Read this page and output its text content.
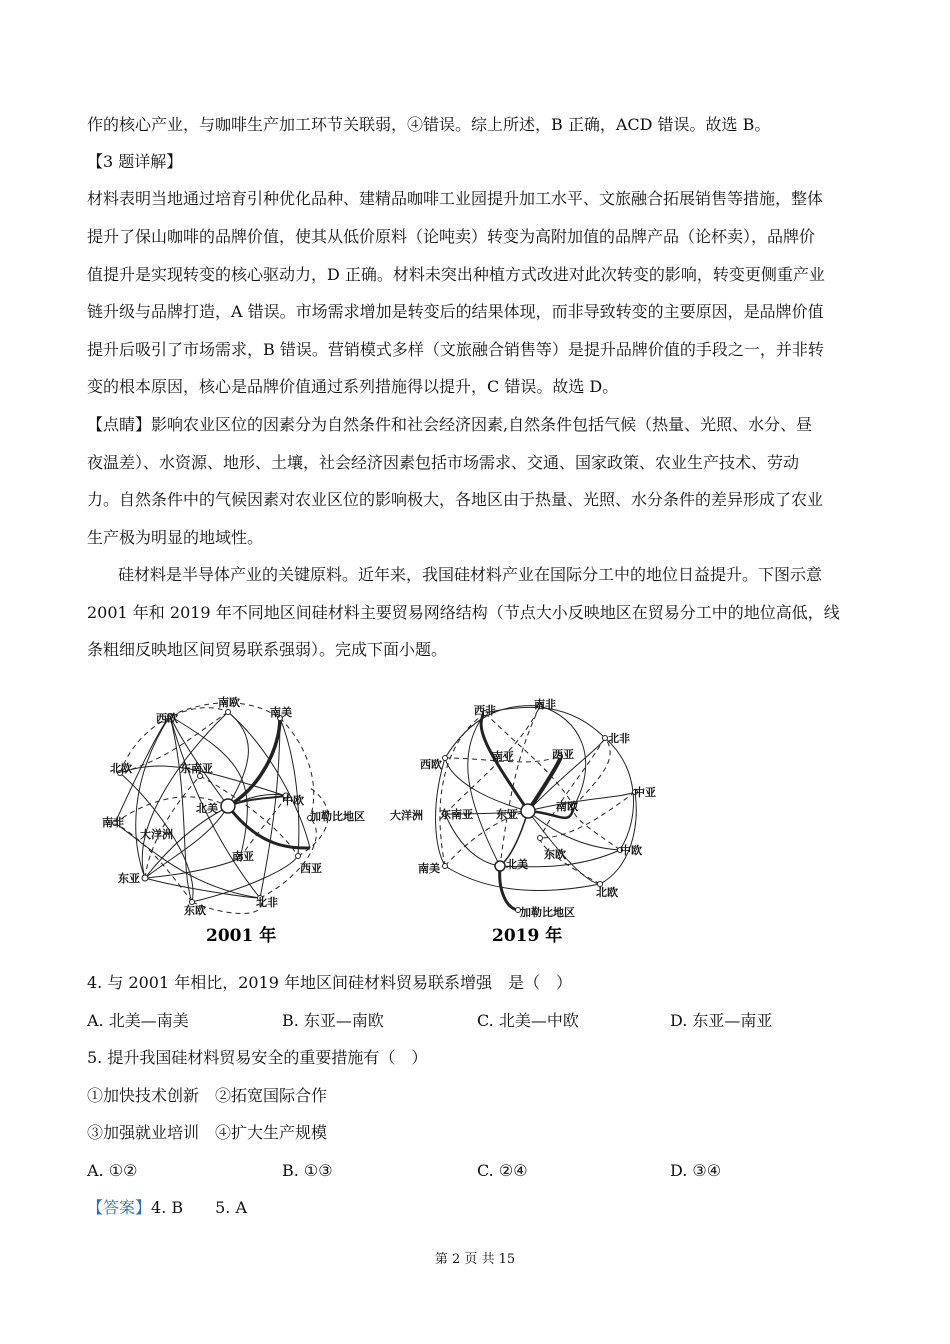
作的核心产业，与咖啡生产加工环节关联弱，④错误。综上所述，B 正确，ACD 错误。故选 B。
【3 题详解】
材料表明当地通过培育引种优化品种、建精品咖啡工业园提升加工水平、文旅融合拓展销售等措施，整体
提升了保山咖啡的品牌价值，使其从低价原料（论吨卖）转变为高附加值的品牌产品（论杯卖），品牌价
值提升是实现转变的核心驱动力，D 正确。材料未突出种植方式改进对此次转变的影响，转变更侧重产业
链升级与品牌打造，A 错误。市场需求增加是转变后的结果体现，而非导致转变的主要原因，是品牌价值
提升后吸引了市场需求，B 错误。营销模式多样（文旅融合销售等）是提升品牌价值的手段之一，并非转
变的根本原因，核心是品牌价值通过系列措施得以提升，C 错误。故选 D。
【点睛】影响农业区位的因素分为自然条件和社会经济因素,自然条件包括气候（热量、光照、水分、昼
夜温差）、水资源、地形、土壤，社会经济因素包括市场需求、交通、国家政策、农业生产技术、劳动
力。自然条件中的气候因素对农业区位的影响极大，各地区由于热量、光照、水分条件的差异形成了农业
生产极为明显的地域性。
硅材料是半导体产业的关键原料。近年来，我国硅材料产业在国际分工中的地位日益提升。下图示意
2001 年和 2019 年不同地区间硅材料主要贸易网络结构（节点大小反映地区在贸易分工中的地位高低，线
条粗细反映地区间贸易联系强弱）。完成下面小题。
南欧
西欧	南美
北欧	东南亚
中欧
北美
加勒比地区
南非
大洋洲
南亚
西亚
东亚
东欧
北非
2001 年
西非	南非
北非
西欧
南亚	西亚
中亚
大洋洲 东南亚 东亚
南欧
中欧
东欧
南美	北美
北欧
加勒比地区
2019 年
4. 与 2001 年相比，2019 年地区间硅材料贸易联系增强　是（　）
A. 北美—南美	B. 东亚—南欧	C. 北美—中欧	D. 东亚—南亚
5. 提升我国硅材料贸易安全的重要措施有（　）
①加快技术创新　②拓宽国际合作
③加强就业培训　④扩大生产规模
A. ①②	B. ①③	C. ②④	D. ③④
【答案】4. B　　5. A
第 2 页 共 15
